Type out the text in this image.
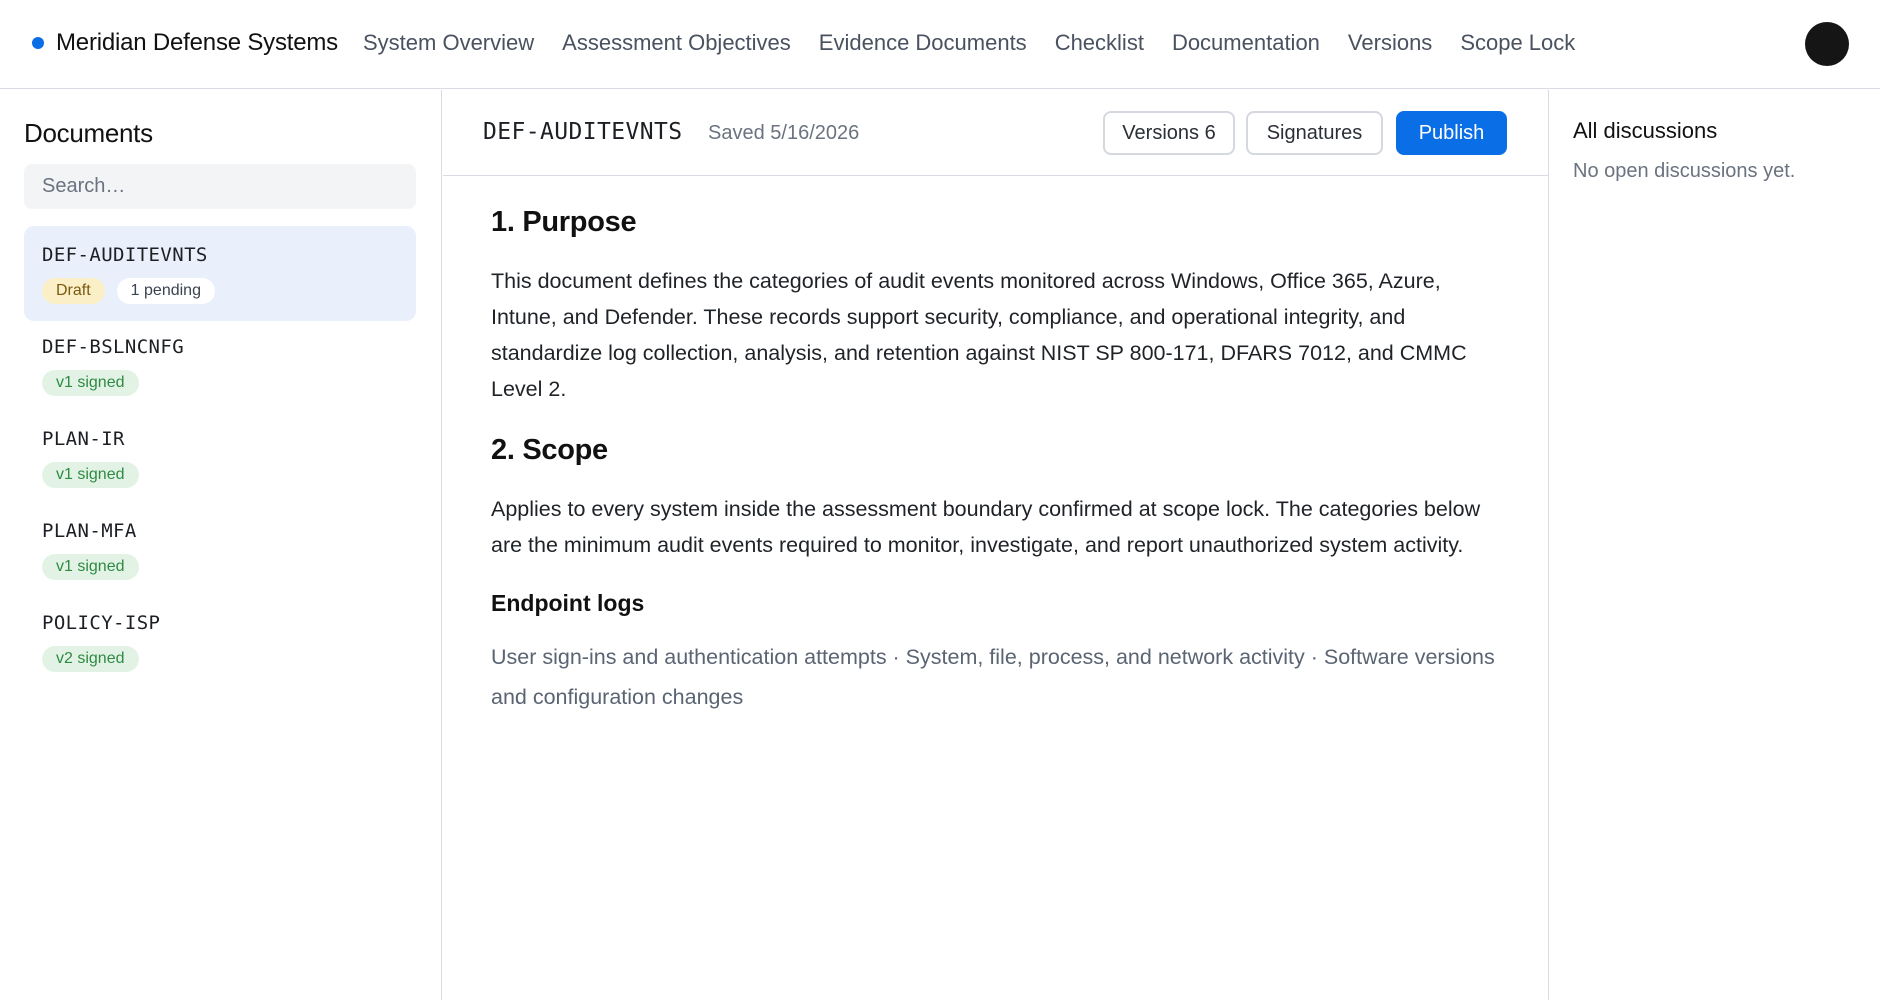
Meridian Defense Systems System Overview Assessment Objectives Evidence Documents Checklist Documentation Versions Scope Lock
Documents
Search…
DEF-AUDITEVNTS
Draft	1 pending
DEF-BSLNCNFG
v1 signed
PLAN-IR
v1 signed
PLAN-MFA
v1 signed
POLICY-ISP
v2 signed
DEF-AUDITEVNTS Saved 5/16/2026	Versions 6	Signatures	Publish
1. Purpose

This document defines the categories of audit events monitored across Windows, Office 365, Azure, Intune, and Defender. These records support security, compliance, and operational integrity, and standardize log collection, analysis, and retention against NIST SP 800-171, DFARS 7012, and CMMC Level 2.

2. Scope

Applies to every system inside the assessment boundary confirmed at scope lock. The categories below are the minimum audit events required to monitor, investigate, and report unauthorized system activity.

Endpoint logs

User sign-ins and authentication attempts · System, file, process, and network activity · Software versions and configuration changes

All discussions
No open discussions yet.
